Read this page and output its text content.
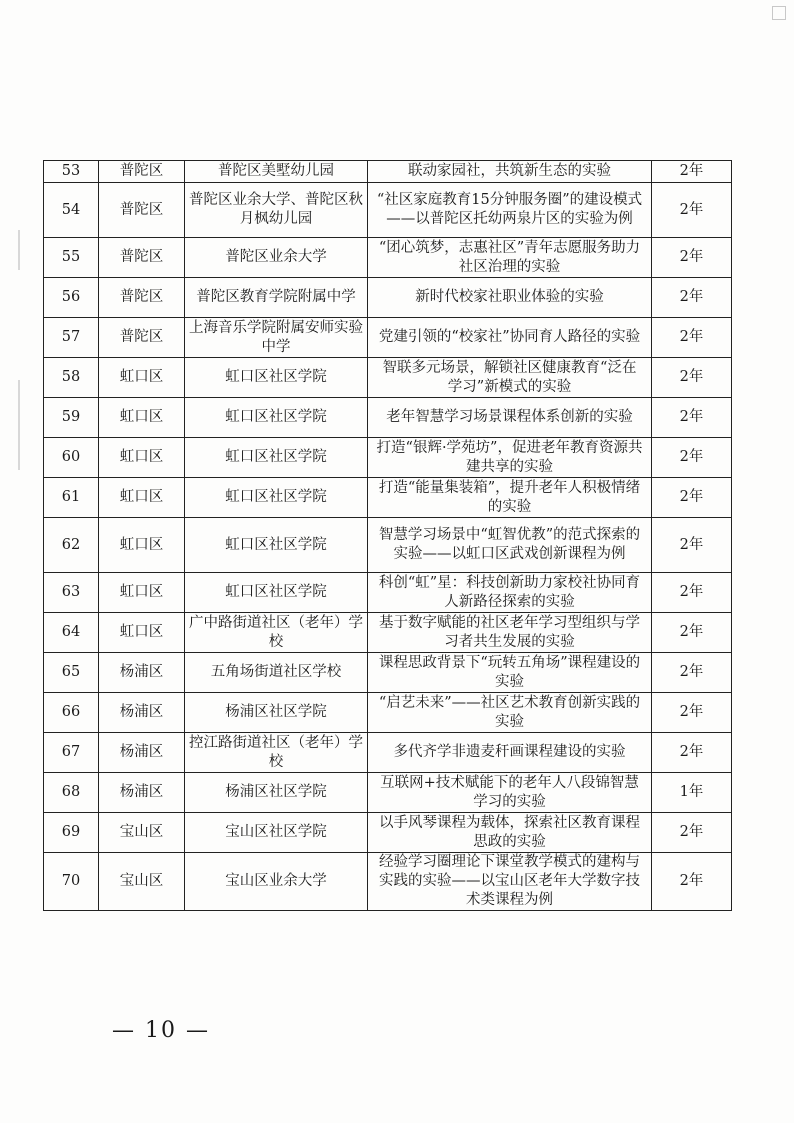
53	普陀区	普陀区美墅幼儿园	联动家园社，共筑新生态的实验	2年
54	普陀区	普陀区业余大学、普陀区秋月枫幼儿园	“社区家庭教育15分钟服务圈”的建设模式——以普陀区托幼两泉片区的实验为例	2年
55	普陀区	普陀区业余大学	“团心筑梦，志惠社区”青年志愿服务助力社区治理的实验	2年
56	普陀区	普陀区教育学院附属中学	新时代校家社职业体验的实验	2年
57	普陀区	上海音乐学院附属安师实验中学	党建引领的“校家社”协同育人路径的实验	2年
58	虹口区	虹口区社区学院	智联多元场景，解锁社区健康教育“泛在学习”新模式的实验	2年
59	虹口区	虹口区社区学院	老年智慧学习场景课程体系创新的实验	2年
60	虹口区	虹口区社区学院	打造“银辉·学苑坊”，促进老年教育资源共建共享的实验	2年
61	虹口区	虹口区社区学院	打造“能量集装箱”，提升老年人积极情绪的实验	2年
62	虹口区	虹口区社区学院	智慧学习场景中“虹智优教”的范式探索的实验——以虹口区武戏创新课程为例	2年
63	虹口区	虹口区社区学院	科创“虹”星：科技创新助力家校社协同育人新路径探索的实验	2年
64	虹口区	广中路街道社区（老年）学校	基于数字赋能的社区老年学习型组织与学习者共生发展的实验	2年
65	杨浦区	五角场街道社区学校	课程思政背景下“玩转五角场”课程建设的实验	2年
66	杨浦区	杨浦区社区学院	“启艺未来”——社区艺术教育创新实践的实验	2年
67	杨浦区	控江路街道社区（老年）学校	多代齐学非遗麦秆画课程建设的实验	2年
68	杨浦区	杨浦区社区学院	互联网+技术赋能下的老年人八段锦智慧学习的实验	1年
69	宝山区	宝山区社区学院	以手风琴课程为载体，探索社区教育课程思政的实验	2年
70	宝山区	宝山区业余大学	经验学习圈理论下课堂教学模式的建构与实践的实验——以宝山区老年大学数字技术类课程为例	2年
— 10 —
